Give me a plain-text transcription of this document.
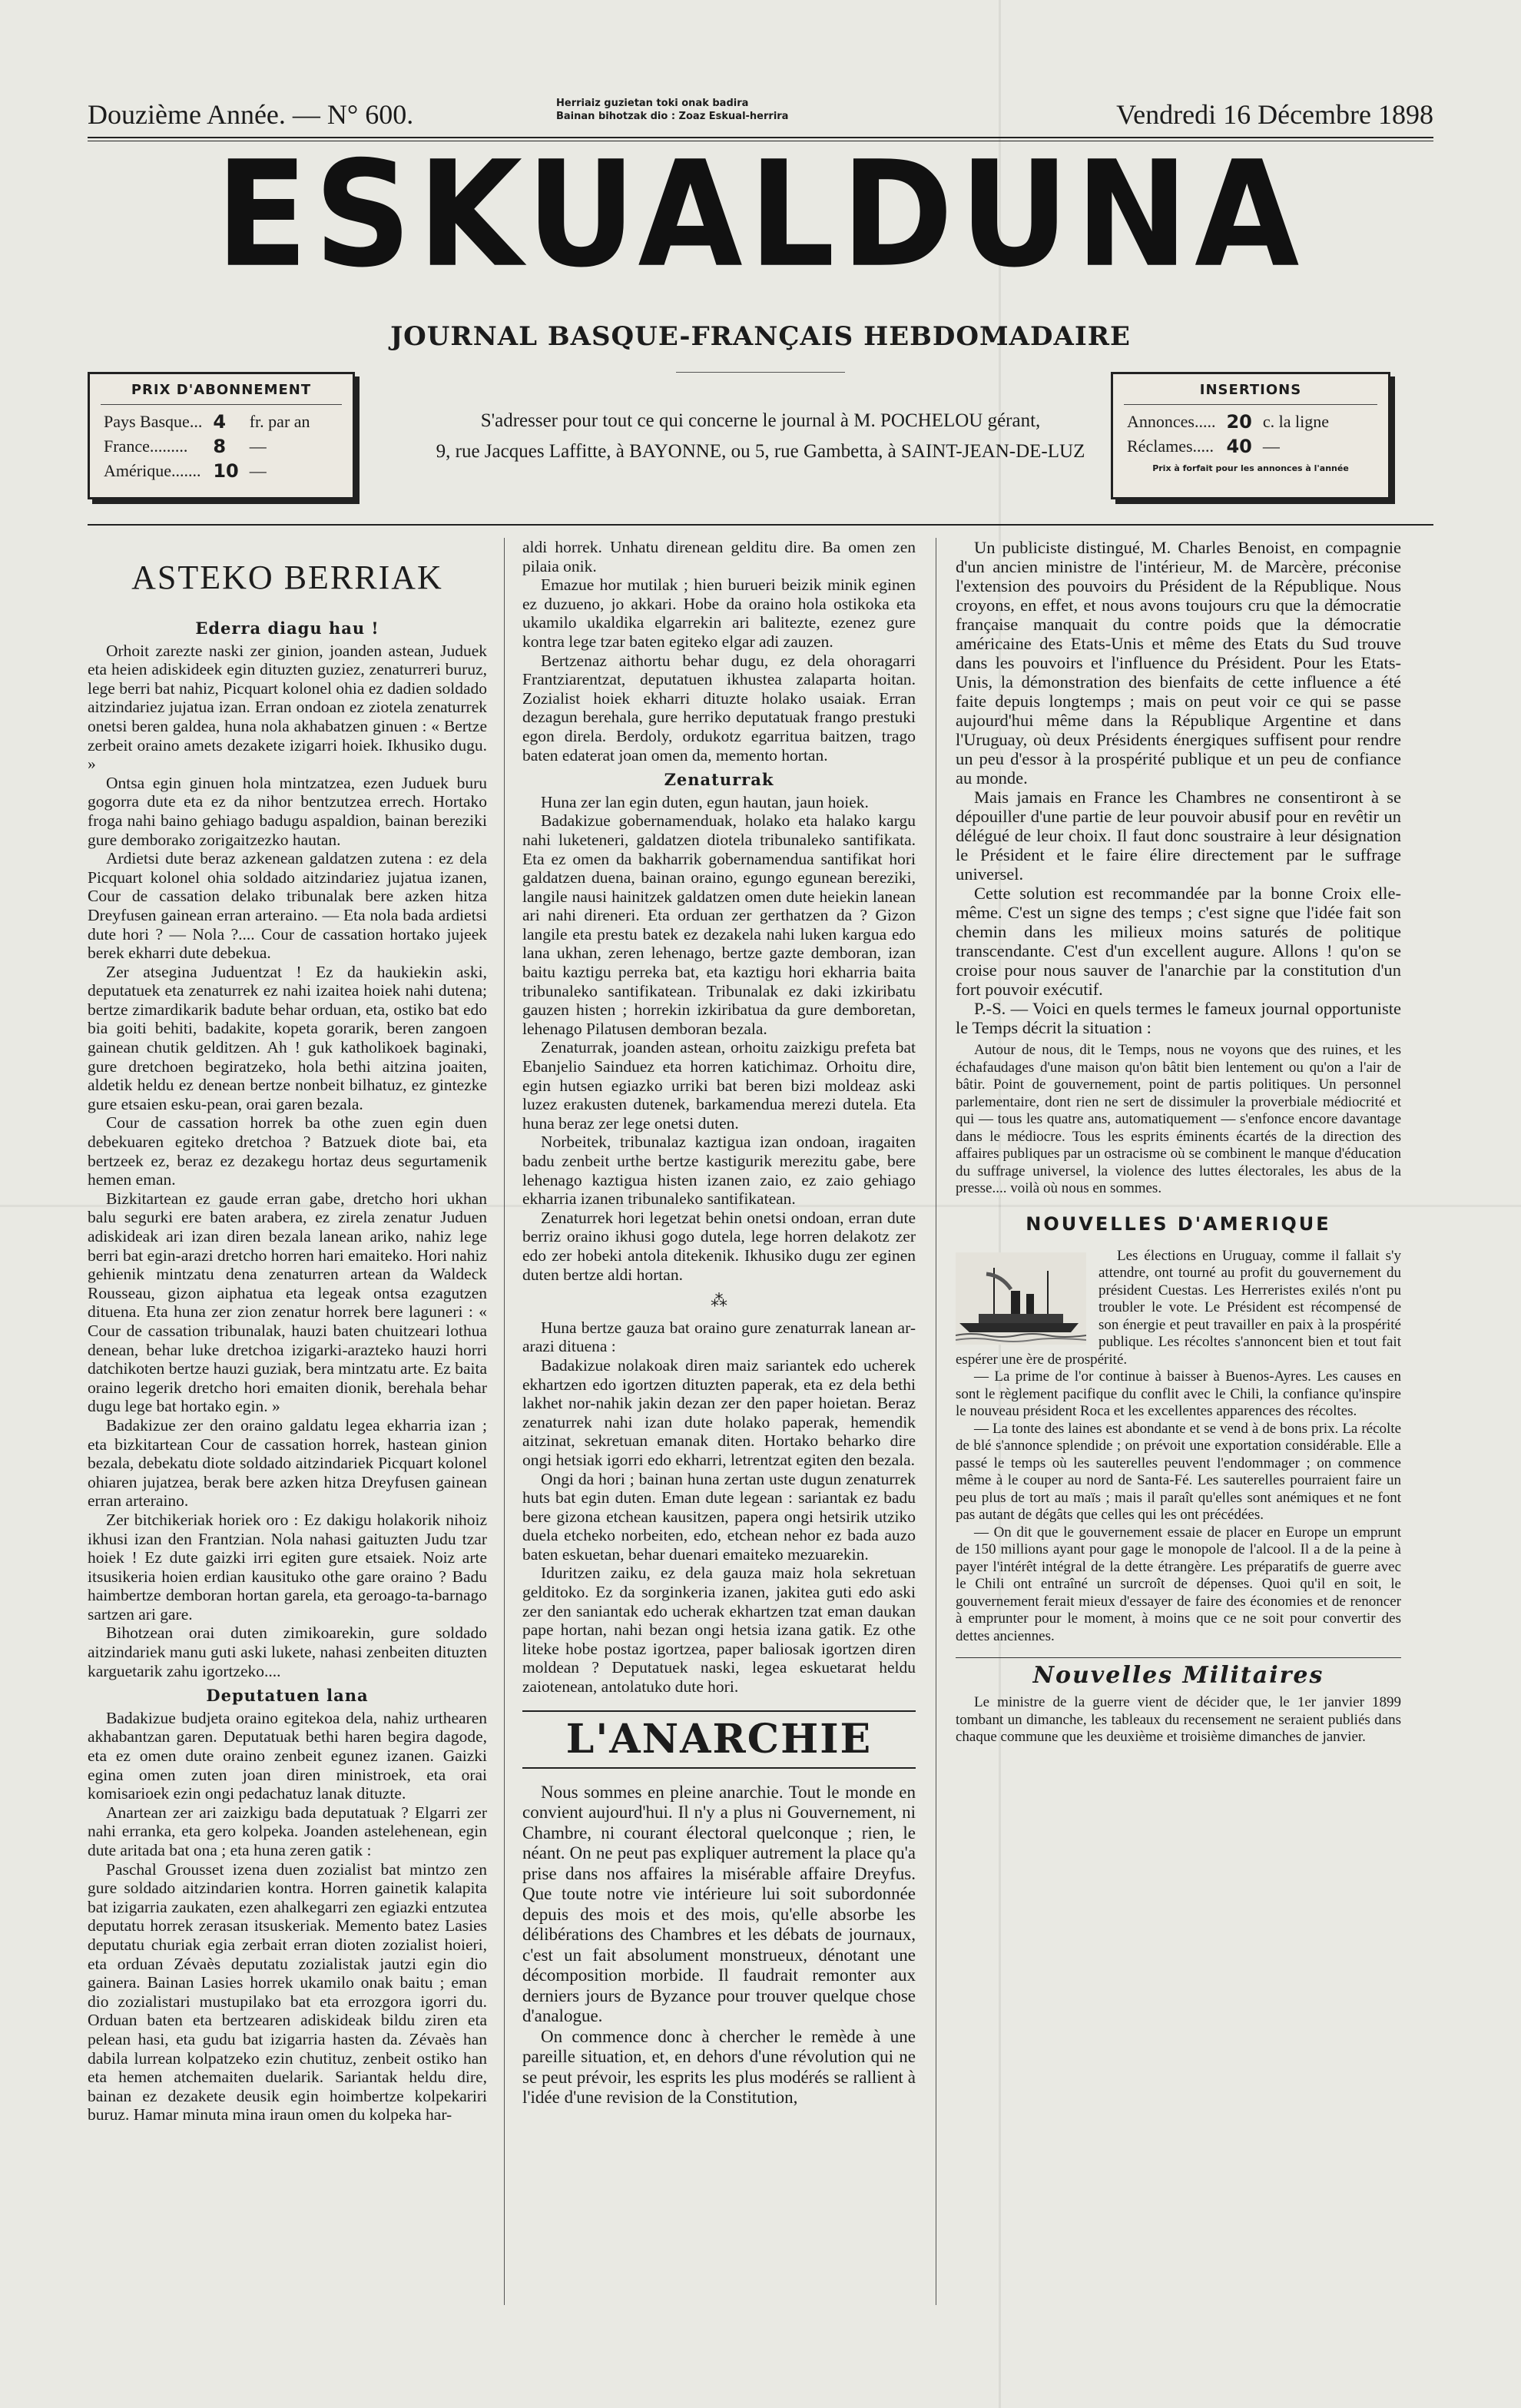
Douzième Année. — N° 600.	Herriaiz guzietan toki onak badira
Bainan bihotzak dio : Zoaz Eskual-herrira	Vendredi 16 Décembre 1898
ESKUALDUNA
JOURNAL BASQUE-FRANÇAIS HEBDOMADAIRE
PRIX D'ABONNEMENT
Pays Basque...	4	fr. par an
France.........	8	—
Amérique.......	10	—
S'adresser pour tout ce qui concerne le journal à M. POCHELOU gérant,
9, rue Jacques Laffitte, à BAYONNE, ou 5, rue Gambetta, à SAINT-JEAN-DE-LUZ
INSERTIONS
Annonces.....	20	c. la ligne
Réclames.....	40	—
Prix à forfait pour les annonces à l'année
ASTEKO BERRIAK
Ederra diagu hau !

Orhoit zarezte naski zer ginion, joanden astean, Juduek eta heien adiskideek egin dituzten guziez, zenaturreri buruz, lege berri bat nahiz, Picquart kolonel ohia ez dadien soldado aitzindariez jujatua izan. Erran ondoan ez ziotela zenaturrek onetsi beren galdea, huna nola akhabatzen ginuen : « Bertze zerbeit oraino amets dezakete izigarri hoiek. Ikhusiko dugu. »

Ontsa egin ginuen hola mintzatzea, ezen Juduek buru gogorra dute eta ez da nihor bentzutzea errech. Hortako froga nahi baino gehiago badugu aspaldion, bainan bereziki gure demborako zorigaitzezko hautan.

Ardietsi dute beraz azkenean galdatzen zutena : ez dela Picquart kolonel ohia soldado aitzindariez jujatua izanen, Cour de cassation delako tribunalak bere azken hitza Dreyfusen gainean erran arteraino. — Eta nola bada ardietsi dute hori ? — Nola ?.... Cour de cassation hortako jujeek berek ekharri dute debekua.

Zer atsegina Juduentzat ! Ez da haukiekin aski, deputatuek eta zenaturrek ez nahi izaitea hoiek nahi dutena; bertze zimardikarik badute behar orduan, eta, ostiko bat edo bia goiti behiti, badakite, kopeta gorarik, beren zangoen gainean chutik gelditzen. Ah ! guk katholikoek baginaki, gure dretchoen begiratzeko, hola bethi aitzina joaiten, aldetik heldu ez denean bertze nonbeit bilhatuz, ez gintezke gure etsaien esku-pean, orai garen bezala.

Cour de cassation horrek ba othe zuen egin duen debekuaren egiteko dretchoa ? Batzuek diote bai, eta bertzeek ez, beraz ez dezakegu hortaz deus segurtamenik hemen eman.

Bizkitartean ez gaude erran gabe, dretcho hori ukhan balu segurki ere baten arabera, ez zirela zenatur Juduen adiskideak ari izan diren bezala lanean ariko, nahiz lege berri bat egin-arazi dretcho horren hari emaiteko. Hori nahiz gehienik mintzatu dena zenaturren artean da Waldeck Rousseau, gizon aiphatua eta legeak ontsa ezagutzen dituena. Eta huna zer zion zenatur horrek bere laguneri : « Cour de cassation tribunalak, hauzi baten chuitzeari lothua denean, behar luke dretchoa izigarki-arazteko hauzi horri datchikoten bertze hauzi guziak, bera mintzatu arte. Ez baita oraino legerik dretcho hori emaiten dionik, berehala behar dugu lege bat hortako egin. »

Badakizue zer den oraino galdatu legea ekharria izan ; eta bizkitartean Cour de cassation horrek, hastean ginion bezala, debekatu diote soldado aitzindariek Picquart kolonel ohiaren jujatzea, berak bere azken hitza Dreyfusen gainean erran arteraino.

Zer bitchikeriak horiek oro : Ez dakigu holakorik nihoiz ikhusi izan den Frantzian. Nola nahasi gaituzten Judu tzar hoiek ! Ez dute gaizki irri egiten gure etsaiek. Noiz arte itsusikeria hoien erdian kausituko othe gare oraino ? Badu haimbertze demboran hortan garela, eta geroago-ta-barnago sartzen ari gare.

Bihotzean orai duten zimikoarekin, gure soldado aitzindariek manu guti aski lukete, nahasi zenbeiten dituzten karguetarik zahu igortzeko....

Deputatuen lana

Badakizue budjeta oraino egitekoa dela, nahiz urthearen akhabantzan garen. Deputatuak bethi haren begira dagode, eta ez omen dute oraino zenbeit egunez izanen. Gaizki egina omen zuten joan diren ministroek, eta orai komisarioek ezin ongi pedachatuz lanak dituzte.

Anartean zer ari zaizkigu bada deputatuak ? Elgarri zer nahi erranka, eta gero kolpeka. Joanden astelehenean, egin dute aritada bat ona ; eta huna zeren gatik :

Paschal Grousset izena duen zozialist bat mintzo zen gure soldado aitzindarien kontra. Horren gainetik kalapita bat izigarria zaukaten, ezen ahalkegarri zen egiazki entzutea deputatu horrek zerasan itsuskeriak. Memento batez Lasies deputatu churiak egia zerbait erran dioten zozialist hoieri, eta orduan Zévaès deputatu zozialistak jautzi egin dio gainera. Bainan Lasies horrek ukamilo onak baitu ; eman dio zozialistari mustupilako bat eta errozgora igorri du. Orduan baten eta bertzearen adiskideak bildu ziren eta pelean hasi, eta gudu bat izigarria hasten da. Zévaès han dabila lurrean kolpatzeko ezin chutituz, zenbeit ostiko han eta hemen atchemaiten duelarik. Sariantak heldu dire, bainan ez dezakete deusik egin hoimbertze kolpekariri buruz. Hamar minuta mina iraun omen du kolpeka har-

aldi horrek. Unhatu direnean gelditu dire. Ba omen zen pilaia onik.

Emazue hor mutilak ; hien burueri beizik minik eginen ez duzueno, jo akkari. Hobe da oraino hola ostikoka eta ukamilo ukaldika elgarrekin ari balitezte, ezenez gure kontra lege tzar baten egiteko elgar adi zauzen.

Bertzenaz aithortu behar dugu, ez dela ohoragarri Frantziarentzat, deputatuen ikhustea zalaparta hoitan. Zozialist hoiek ekharri dituzte holako usaiak. Erran dezagun berehala, gure herriko deputatuak frango prestuki egon direla. Berdoly, ordukotz egarritua baitzen, trago baten edaterat joan omen da, memento hortan.

Zenaturrak

Huna zer lan egin duten, egun hautan, jaun hoiek.

Badakizue gobernamenduak, holako eta halako kargu nahi luketeneri, galdatzen diotela tribunaleko santifikata. Eta ez omen da bakharrik gobernamendua santifikat hori galdatzen duena, bainan oraino, egungo egunean bereziki, langile nausi hainitzek galdatzen omen dute heiekin lanean ari nahi direneri. Eta orduan zer gerthatzen da ? Gizon langile eta prestu batek ez dezakela nahi luken kargua edo lana ukhan, zeren lehenago, bertze gazte demboran, izan baitu kaztigu perreka bat, eta kaztigu hori ekharria baita tribunaleko santifikatean. Tribunalak ez daki izkiribatu gauzen histen ; horrekin izkiribatua da gure demboretan, lehenago Pilatusen demboran bezala.

Zenaturrak, joanden astean, orhoitu zaizkigu prefeta bat Ebanjelio Sainduez eta horren katichimaz. Orhoitu dire, egin hutsen egiazko urriki bat beren bizi moldeaz aski luzez erakusten dutenek, barkamendua merezi dutela. Eta huna beraz zer lege onetsi duten.

Norbeitek, tribunalaz kaztigua izan ondoan, iragaiten badu zenbeit urthe bertze kastigurik merezitu gabe, bere lehenago kaztigua histen izanen zaio, ez zaio gehiago ekharria izanen tribunaleko santifikatean.

Zenaturrek hori legetzat behin onetsi ondoan, erran dute berriz oraino ikhusi gogo dutela, lege horren delakotz zer edo zer hobeki antola ditekenik. Ikhusiko dugu zer eginen duten bertze aldi hortan.

⁂

Huna bertze gauza bat oraino gure zenaturrak lanean ar-arazi dituena :

Badakizue nolakoak diren maiz sariantek edo ucherek ekhartzen edo igortzen dituzten paperak, eta ez dela bethi lakhet nor-nahik jakin dezan zer den paper hoietan. Beraz zenaturrek nahi izan dute holako paperak, hemendik aitzinat, sekretuan emanak diten. Hortako beharko dire ongi hetsiak igorri edo ekharri, letrentzat egiten den bezala.

Ongi da hori ; bainan huna zertan uste dugun zenaturrek huts bat egin duten. Eman dute legean : sariantak ez badu bere gizona etchean kausitzen, papera ongi hetsirik utziko duela etcheko norbeiten, edo, etchean nehor ez bada auzo baten eskuetan, behar duenari emaiteko mezuarekin.

Iduritzen zaiku, ez dela gauza maiz hola sekretuan gelditoko. Ez da sorginkeria izanen, jakitea guti edo aski zer den saniantak edo ucherak ekhartzen tzat eman daukan pape hortan, nahi bezan ongi hetsia izana gatik. Ez othe liteke hobe postaz igortzea, paper baliosak igortzen diren moldean ? Deputatuek naski, legea eskuetarat heldu zaiotenean, antolatuko dute hori.

L'ANARCHIE

Nous sommes en pleine anarchie. Tout le monde en convient aujourd'hui. Il n'y a plus ni Gouvernement, ni Chambre, ni courant électoral quelconque ; rien, le néant. On ne peut pas expliquer autrement la place qu'a prise dans nos affaires la misérable affaire Dreyfus. Que toute notre vie intérieure lui soit subordonnée depuis des mois et des mois, qu'elle absorbe les délibérations des Chambres et les débats de journaux, c'est un fait absolument monstrueux, dénotant une décomposition morbide. Il faudrait remonter aux derniers jours de Byzance pour trouver quelque chose d'analogue.

On commence donc à chercher le remède à une pareille situation, et, en dehors d'une révolution qui ne se peut prévoir, les esprits les plus modérés se rallient à l'idée d'une revision de la Constitution,

Un publiciste distingué, M. Charles Benoist, en compagnie d'un ancien ministre de l'intérieur, M. de Marcère, préconise l'extension des pouvoirs du Président de la République. Nous croyons, en effet, et nous avons toujours cru que la démocratie française manquait du contre poids que la démocratie américaine des Etats-Unis et même des Etats du Sud trouve dans les pouvoirs et l'influence du Président. Pour les Etats-Unis, la démonstration des bienfaits de cette influence a été faite depuis longtemps ; mais on peut voir ce qui se passe aujourd'hui même dans la République Argentine et dans l'Uruguay, où deux Présidents énergiques suffisent pour rendre un peu d'essor à la prospérité publique et un peu de confiance au monde.

Mais jamais en France les Chambres ne consentiront à se dépouiller d'une partie de leur pouvoir abusif pour en revêtir un délégué de leur choix. Il faut donc soustraire à leur désignation le Président et le faire élire directement par le suffrage universel.

Cette solution est recommandée par la bonne Croix elle-même. C'est un signe des temps ; c'est signe que l'idée fait son chemin dans les milieux moins saturés de politique transcendante. C'est d'un excellent augure. Allons ! qu'on se croise pour nous sauver de l'anarchie par la constitution d'un fort pouvoir exécutif.

P.-S. — Voici en quels termes le fameux journal opportuniste le Temps décrit la situation :

Autour de nous, dit le Temps, nous ne voyons que des ruines, et les échafaudages d'une maison qu'on bâtit bien lentement ou qu'on a l'air de bâtir. Point de gouvernement, point de partis politiques. Un personnel parlementaire, dont rien ne sert de dissimuler la proverbiale médiocrité et qui — tous les quatre ans, automatiquement — s'enfonce encore davantage dans le médiocre. Tous les esprits éminents écartés de la direction des affaires publiques par un ostracisme où se combinent le manque d'éducation du suffrage universel, la violence des luttes électorales, les abus de la presse.... voilà où nous en sommes.

NOUVELLES D'AMERIQUE

Les élections en Uruguay, comme il fallait s'y attendre, ont tourné au profit du gouvernement du président Cuestas. Les Herreristes exilés n'ont pu troubler le vote. Le Président est récompensé de son énergie et peut travailler en paix à la prospérité publique. Les récoltes s'annoncent bien et tout fait espérer une ère de prospérité.

— La prime de l'or continue à baisser à Buenos-Ayres. Les causes en sont le règlement pacifique du conflit avec le Chili, la confiance qu'inspire le nouveau président Roca et les excellentes apparences des récoltes.

— La tonte des laines est abondante et se vend à de bons prix. La récolte de blé s'annonce splendide ; on prévoit une exportation considérable. Elle a passé le temps où les sauterelles peuvent l'endommager ; on commence même à le couper au nord de Santa-Fé. Les sauterelles pourraient faire un peu plus de tort au maïs ; mais il paraît qu'elles sont anémiques et ne font pas autant de dégâts que celles qui les ont précédées.

— On dit que le gouvernement essaie de placer en Europe un emprunt de 150 millions ayant pour gage le monopole de l'alcool. Il a de la peine à payer l'intérêt intégral de la dette étrangère. Les préparatifs de guerre avec le Chili ont entraîné un surcroît de dépenses. Quoi qu'il en soit, le gouvernement ferait mieux d'essayer de faire des économies et de renoncer à emprunter pour le moment, à moins que ce ne soit pour convertir des dettes anciennes.

Nouvelles Militaires

Le ministre de la guerre vient de décider que, le 1er janvier 1899 tombant un dimanche, les tableaux du recensement ne seraient publiés dans chaque commune que les deuxième et troisième dimanches de janvier.
